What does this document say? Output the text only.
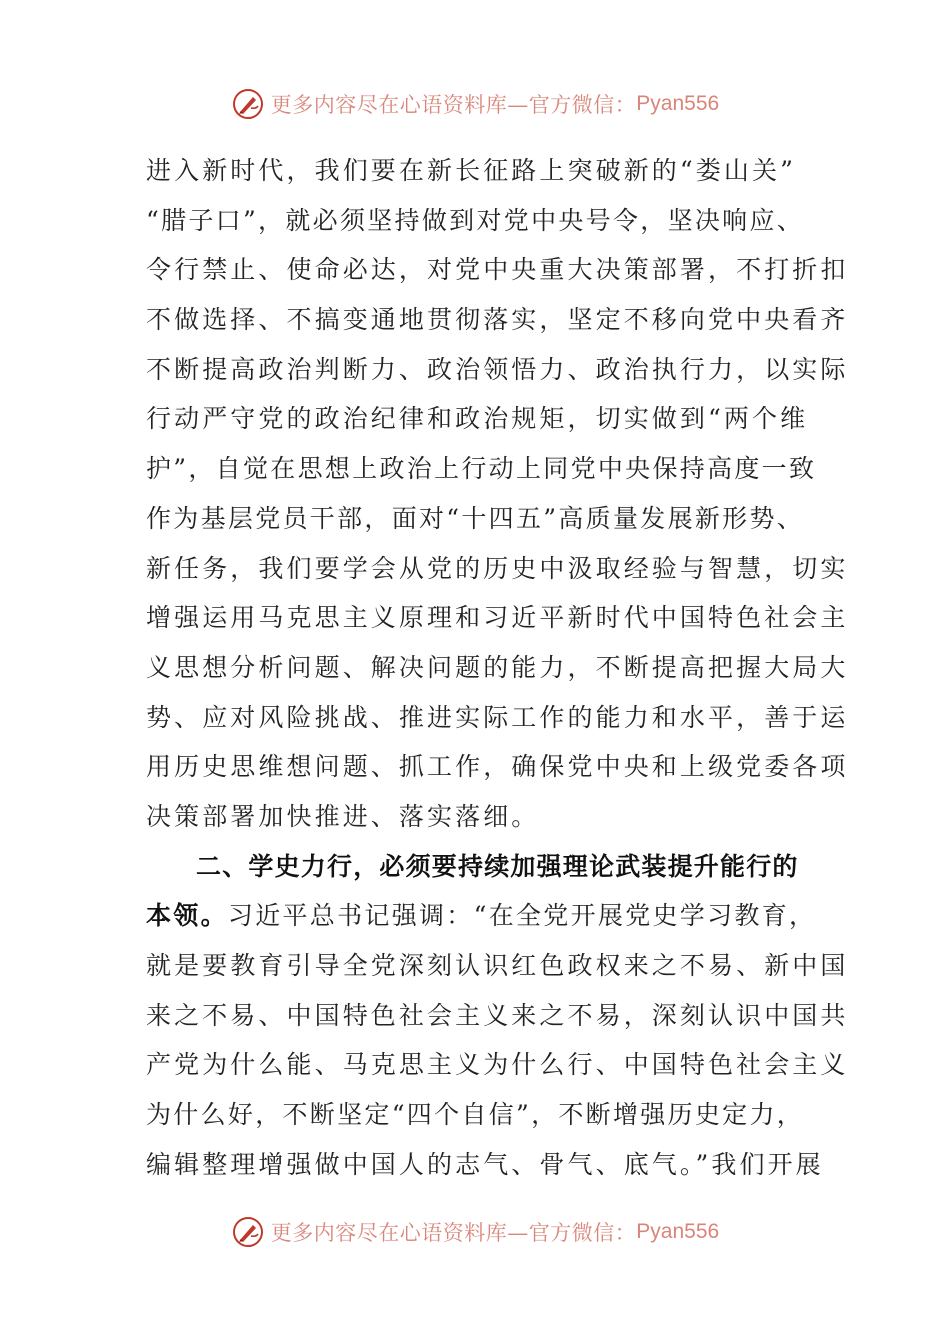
更多内容尽在心语资料库—官方微信： Pyan556
进入新时代，我们要在新长征路上突破新的“娄山关”
“腊子口”，就必须坚持做到对党中央号令，坚决响应、
令行禁止、使命必达，对党中央重大决策部署，不打折扣
不做选择、不搞变通地贯彻落实，坚定不移向党中央看齐
不断提高政治判断力、政治领悟力、政治执行力，以实际
行动严守党的政治纪律和政治规矩，切实做到“两个维
护”，自觉在思想上政治上行动上同党中央保持高度一致
作为基层党员干部，面对“十四五”高质量发展新形势、
新任务，我们要学会从党的历史中汲取经验与智慧，切实
增强运用马克思主义原理和习近平新时代中国特色社会主
义思想分析问题、解决问题的能力，不断提高把握大局大
势、应对风险挑战、推进实际工作的能力和水平，善于运
用历史思维想问题、抓工作，确保党中央和上级党委各项
决策部署加快推进、落实落细。
二、学史力行，必须要持续加强理论武装提升能行的
本领。习近平总书记强调：“在全党开展党史学习教育，
就是要教育引导全党深刻认识红色政权来之不易、新中国
来之不易、中国特色社会主义来之不易，深刻认识中国共
产党为什么能、马克思主义为什么行、中国特色社会主义
为什么好，不断坚定“四个自信”，不断增强历史定力，
编辑整理增强做中国人的志气、骨气、底气。”我们开展
更多内容尽在心语资料库—官方微信： Pyan556
